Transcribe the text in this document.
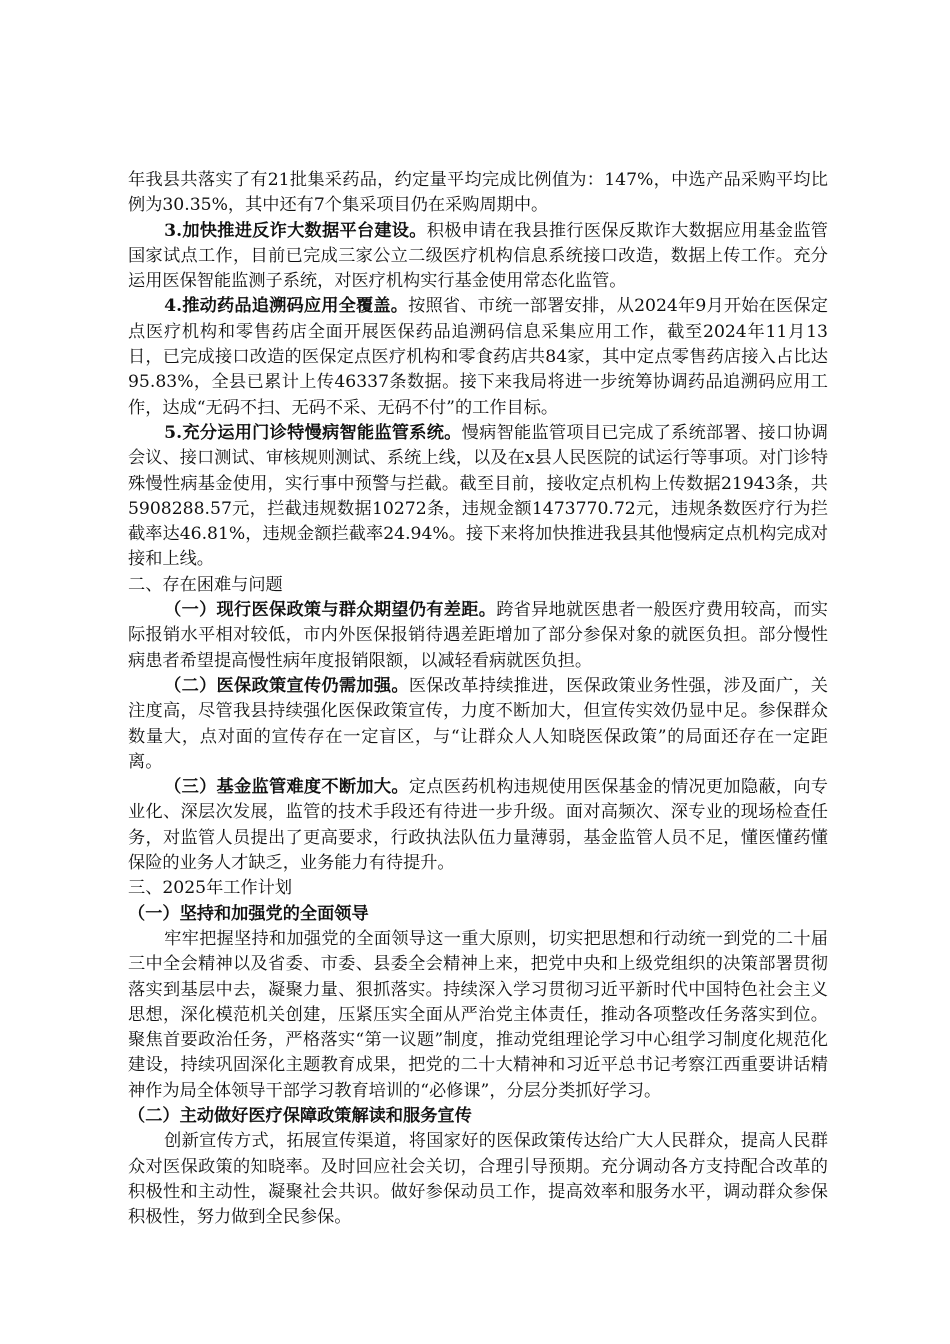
年我县共落实了有21批集采药品，约定量平均完成比例值为：147%，中选产品采购平均比例为30.35%，其中还有7个集采项目仍在采购周期中。

3.加快推进反诈大数据平台建设。积极申请在我县推行医保反欺诈大数据应用基金监管国家试点工作，目前已完成三家公立二级医疗机构信息系统接口改造，数据上传工作。充分运用医保智能监测子系统，对医疗机构实行基金使用常态化监管。

4.推动药品追溯码应用全覆盖。按照省、市统一部署安排，从2024年9月开始在医保定点医疗机构和零售药店全面开展医保药品追溯码信息采集应用工作，截至2024年11月13日，已完成接口改造的医保定点医疗机构和零食药店共84家，其中定点零售药店接入占比达95.83%，全县已累计上传46337条数据。接下来我局将进一步统筹协调药品追溯码应用工作，达成“无码不扫、无码不采、无码不付”的工作目标。

5.充分运用门诊特慢病智能监管系统。慢病智能监管项目已完成了系统部署、接口协调会议、接口测试、审核规则测试、系统上线，以及在x县人民医院的试运行等事项。对门诊特殊慢性病基金使用，实行事中预警与拦截。截至目前，接收定点机构上传数据21943条，共5908288.57元，拦截违规数据10272条，违规金额1473770.72元，违规条数医疗行为拦截率达46.81%，违规金额拦截率24.94%。接下来将加快推进我县其他慢病定点机构完成对接和上线。

二、存在困难与问题

（一）现行医保政策与群众期望仍有差距。跨省异地就医患者一般医疗费用较高，而实际报销水平相对较低，市内外医保报销待遇差距增加了部分参保对象的就医负担。部分慢性病患者希望提高慢性病年度报销限额，以减轻看病就医负担。

（二）医保政策宣传仍需加强。医保改革持续推进，医保政策业务性强，涉及面广，关注度高，尽管我县持续强化医保政策宣传，力度不断加大，但宣传实效仍显中足。参保群众数量大，点对面的宣传存在一定盲区，与“让群众人人知晓医保政策”的局面还存在一定距离。

（三）基金监管难度不断加大。定点医药机构违规使用医保基金的情况更加隐蔽，向专业化、深层次发展，监管的技术手段还有待进一步升级。面对高频次、深专业的现场检查任务，对监管人员提出了更高要求，行政执法队伍力量薄弱，基金监管人员不足，懂医懂药懂保险的业务人才缺乏，业务能力有待提升。

三、2025年工作计划

（一）坚持和加强党的全面领导

牢牢把握坚持和加强党的全面领导这一重大原则，切实把思想和行动统一到党的二十届三中全会精神以及省委、市委、县委全会精神上来，把党中央和上级党组织的决策部署贯彻落实到基层中去，凝聚力量、狠抓落实。持续深入学习贯彻习近平新时代中国特色社会主义思想，深化模范机关创建，压紧压实全面从严治党主体责任，推动各项整改任务落实到位。聚焦首要政治任务，严格落实“第一议题”制度，推动党组理论学习中心组学习制度化规范化建设，持续巩固深化主题教育成果，把党的二十大精神和习近平总书记考察江西重要讲话精神作为局全体领导干部学习教育培训的“必修课”，分层分类抓好学习。

（二）主动做好医疗保障政策解读和服务宣传

创新宣传方式，拓展宣传渠道，将国家好的医保政策传达给广大人民群众，提高人民群众对医保政策的知晓率。及时回应社会关切，合理引导预期。充分调动各方支持配合改革的积极性和主动性，凝聚社会共识。做好参保动员工作，提高效率和服务水平，调动群众参保积极性，努力做到全民参保。
